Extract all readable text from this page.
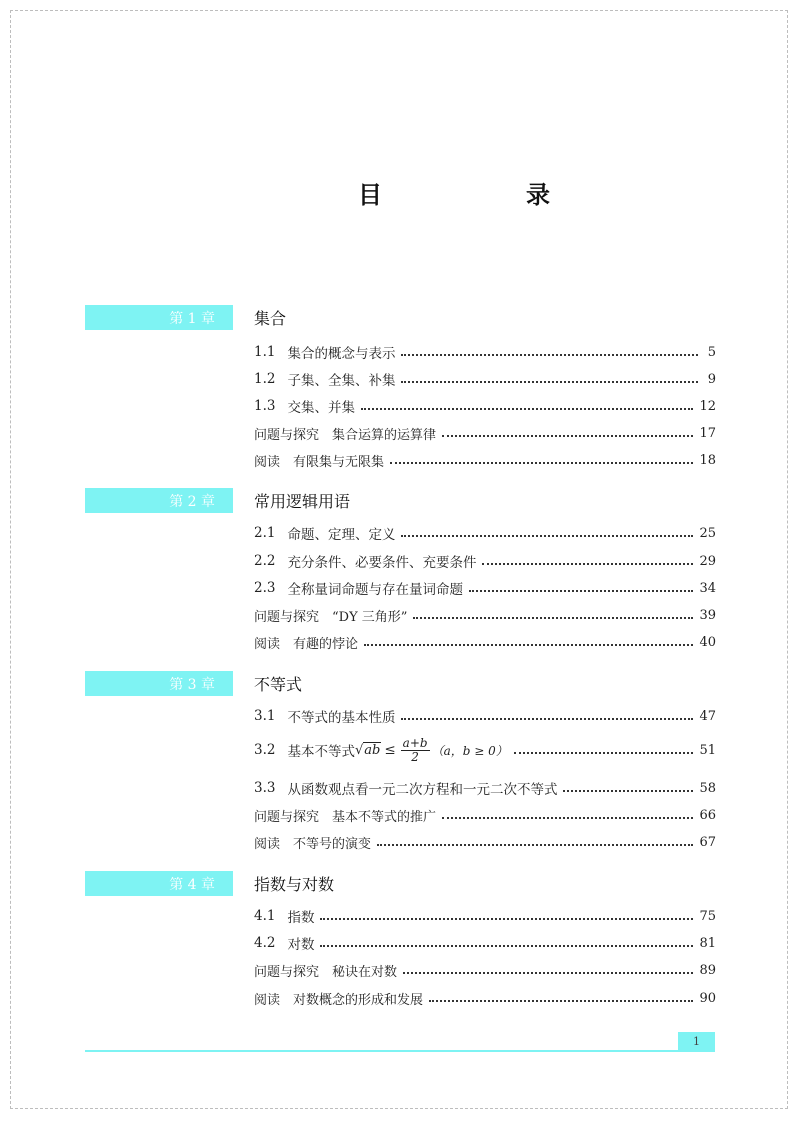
目　录
第 1 章	集合
1.1 集合的概念与表示	5
1.2 子集、全集、补集	9
1.3 交集、并集	12
问题与探究　集合运算的运算律	17
阅读　有限集与无限集	18
第 2 章	常用逻辑用语
2.1 命题、定理、定义	25
2.2 充分条件、必要条件、充要条件	29
2.3 全称量词命题与存在量词命题	34
问题与探究　“DY 三角形”	39
阅读　有趣的悖论	40
第 3 章	不等式
3.1 不等式的基本性质	47
3.2 基本不等式 $√ab \le \frac{a+b}{2} (a$，b ≥ 0）	51
3.3 从函数观点看一元二次方程和一元二次不等式	58
问题与探究　基本不等式的推广	66
阅读　不等号的演变	67
第 4 章	指数与对数
4.1 指数	75
4.2 对数	81
问题与探究　秘诀在对数	89
阅读　对数概念的形成和发展	90
1
